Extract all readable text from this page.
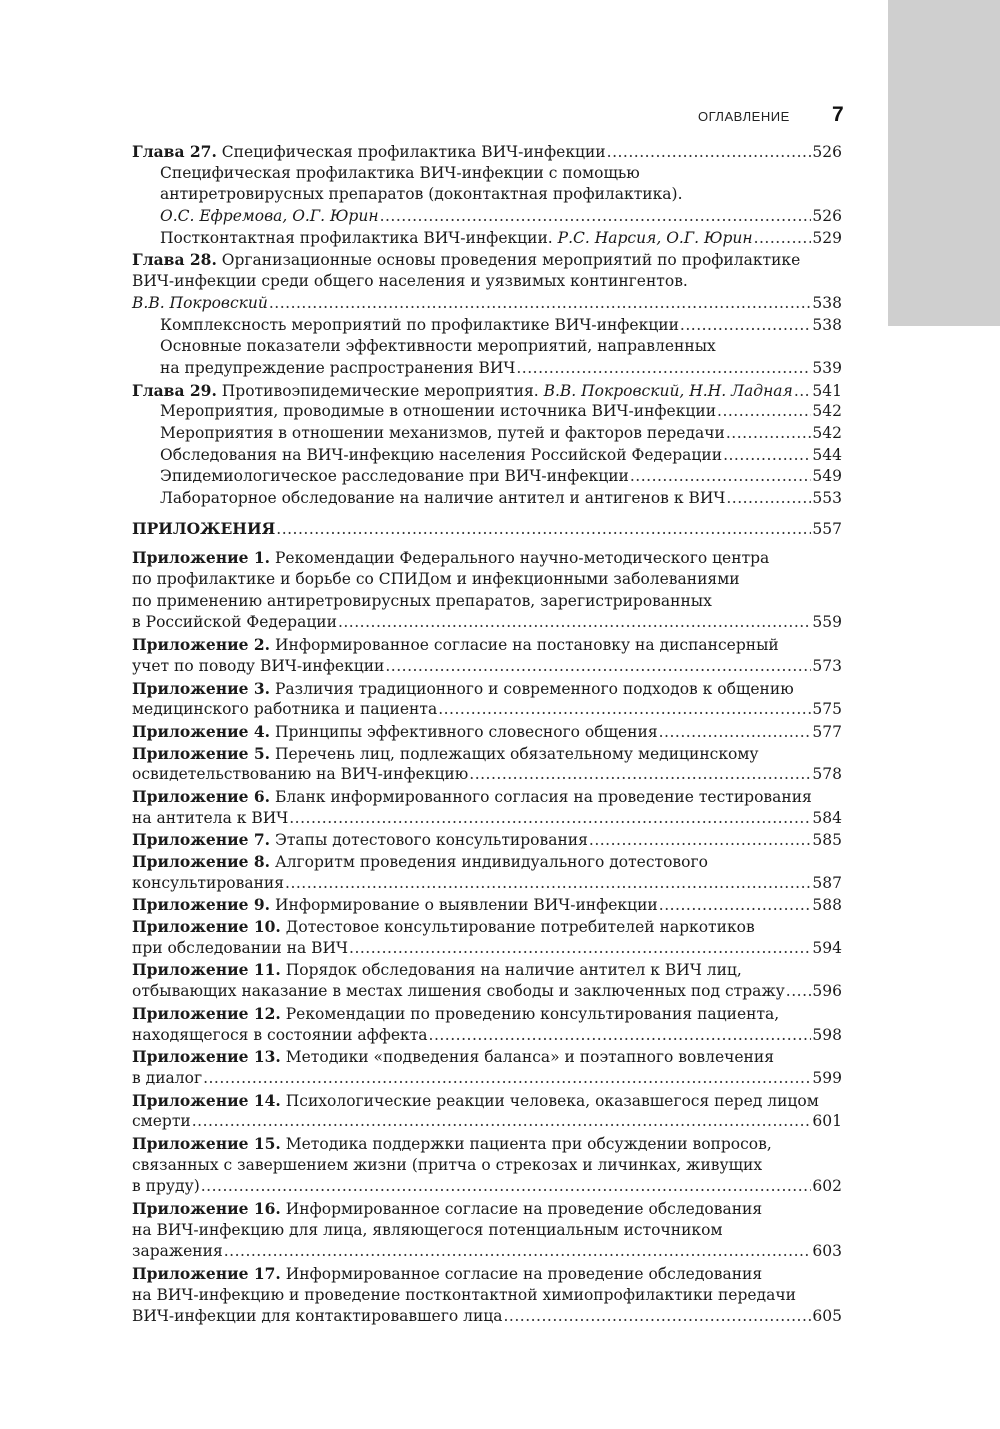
ОГЛАВЛЕНИЕ 7
Глава 27. Специфическая профилактика ВИЧ-инфекции .....	526
Специфическая профилактика ВИЧ-инфекции с помощью
антиретровирусных препаратов (доконтактная профилактика).
О.С. Ефремова, О.Г. Юрин .....	526
Постконтактная профилактика ВИЧ-инфекции. Р.С. Нарсия, О.Г. Юрин .....	529
Глава 28. Организационные основы проведения мероприятий по профилактике
ВИЧ-инфекции среди общего населения и уязвимых контингентов.
В.В. Покровский .....	538
Комплексность мероприятий по профилактике ВИЧ-инфекции .....	538
Основные показатели эффективности мероприятий, направленных
на предупреждение распространения ВИЧ .....	539
Глава 29. Противоэпидемические мероприятия. В.В. Покровский, Н.Н. Ладная ..... 541
Мероприятия, проводимые в отношении источника ВИЧ-инфекции .....	542
Мероприятия в отношении механизмов, путей и факторов передачи .....	542
Обследования на ВИЧ-инфекцию населения Российской Федерации .....	544
Эпидемиологическое расследование при ВИЧ-инфекции .....	549
Лабораторное обследование на наличие антител и антигенов к ВИЧ .....	553
ПРИЛОЖЕНИЯ .....	557
Приложение 1. Рекомендации Федерального научно-методического центра
по профилактике и борьбе со СПИДом и инфекционными заболеваниями
по применению антиретровирусных препаратов, зарегистрированных
в Российской Федерации .....	559
Приложение 2. Информированное согласие на постановку на диспансерный
учет по поводу ВИЧ-инфекции .....	573
Приложение 3. Различия традиционного и современного подходов к общению
медицинского работника и пациента .....	575
Приложение 4. Принципы эффективного словесного общения .....	577
Приложение 5. Перечень лиц, подлежащих обязательному медицинскому
освидетельствованию на ВИЧ-инфекцию .....	578
Приложение 6. Бланк информированного согласия на проведение тестирования
на антитела к ВИЧ .....	584
Приложение 7. Этапы дотестового консультирования .....	585
Приложение 8. Алгоритм проведения индивидуального дотестового
консультирования .....	587
Приложение 9. Информирование о выявлении ВИЧ-инфекции .....	588
Приложение 10. Дотестовое консультирование потребителей наркотиков
при обследовании на ВИЧ .....	594
Приложение 11. Порядок обследования на наличие антител к ВИЧ лиц,
отбывающих наказание в местах лишения свободы и заключенных под стражу ..... 596
Приложение 12. Рекомендации по проведению консультирования пациента,
находящегося в состоянии аффекта .....	598
Приложение 13. Методики «подведения баланса» и поэтапного вовлечения
в диалог .....	599
Приложение 14. Психологические реакции человека, оказавшегося перед лицом
смерти .....	601
Приложение 15. Методика поддержки пациента при обсуждении вопросов,
связанных с завершением жизни (притча о стрекозах и личинках, живущих
в пруду) .....	602
Приложение 16. Информированное согласие на проведение обследования
на ВИЧ-инфекцию для лица, являющегося потенциальным источником
заражения .....	603
Приложение 17. Информированное согласие на проведение обследования
на ВИЧ-инфекцию и проведение постконтактной химиопрофилактики передачи
ВИЧ-инфекции для контактировавшего лица .....	605
